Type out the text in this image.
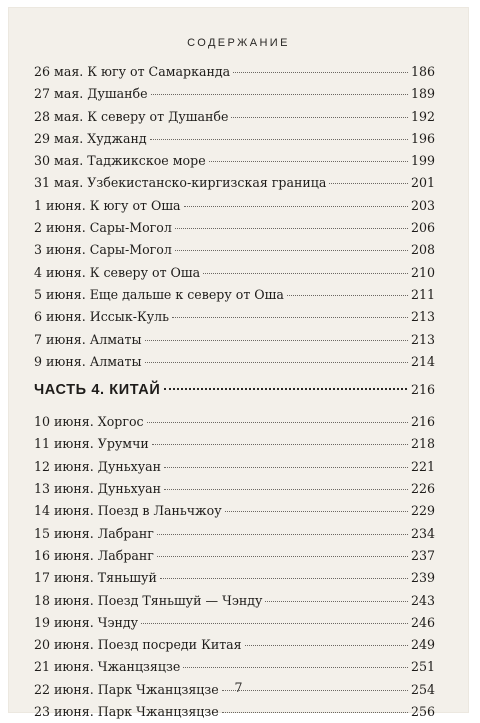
СОДЕРЖАНИЕ
26 мая. К югу от Самарканда	186
27 мая. Душанбе	189
28 мая. К северу от Душанбе	192
29 мая. Худжанд	196
30 мая. Таджикское море	199
31 мая. Узбекистанско-киргизская граница	201
1 июня. К югу от Оша	203
2 июня. Сары-Могол	206
3 июня. Сары-Могол	208
4 июня. К северу от Оша	210
5 июня. Еще дальше к северу от Оша	211
6 июня. Иссык-Куль	213
7 июня. Алматы	213
9 июня. Алматы	214
ЧАСТЬ 4. КИТАЙ	216
10 июня. Хоргос	216
11 июня. Урумчи	218
12 июня. Дуньхуан	221
13 июня. Дуньхуан	226
14 июня. Поезд в Ланьчжоу	229
15 июня. Лабранг	234
16 июня. Лабранг	237
17 июня. Тяньшуй	239
18 июня. Поезд Тяньшуй — Чэнду	243
19 июня. Чэнду	246
20 июня. Поезд посреди Китая	249
21 июня. Чжанцзяцзе	251
22 июня. Парк Чжанцзяцзе	254
23 июня. Парк Чжанцзяцзе	256
7
